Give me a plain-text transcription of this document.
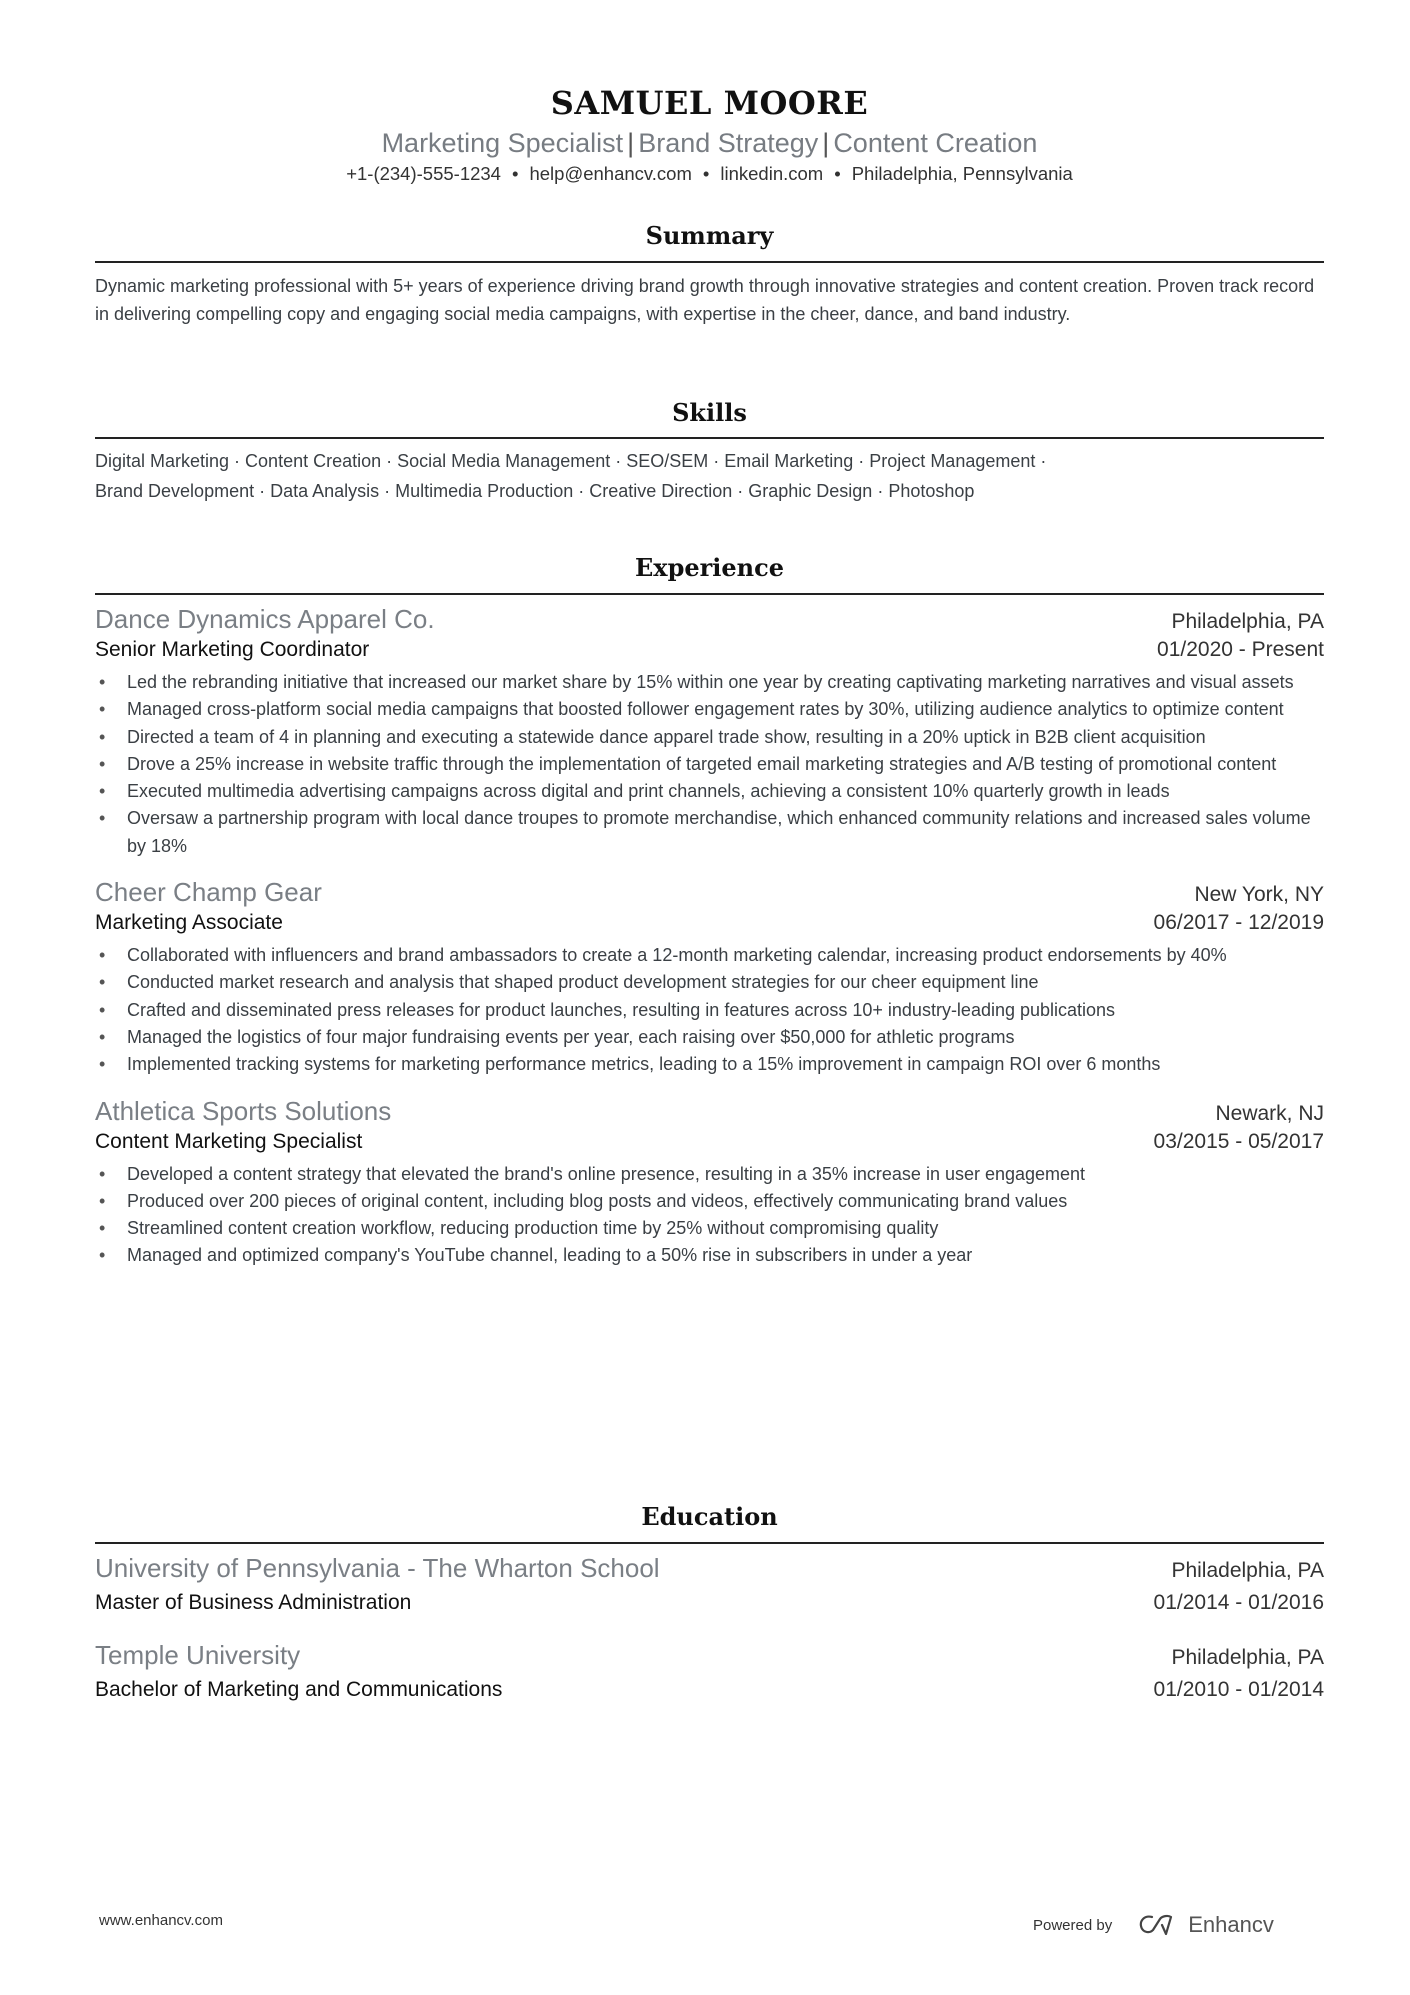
SAMUEL MOORE
Marketing Specialist | Brand Strategy | Content Creation
+1-(234)-555-1234 • help@enhancv.com • linkedin.com • Philadelphia, Pennsylvania
Summary

Dynamic marketing professional with 5+ years of experience driving brand growth through innovative strategies and content creation. Proven track record in delivering compelling copy and engaging social media campaigns, with expertise in the cheer, dance, and band industry.

Skills
Digital Marketing · Content Creation · Social Media Management · SEO/SEM · Email Marketing · Project Management ·
Brand Development · Data Analysis · Multimedia Production · Creative Direction · Graphic Design · Photoshop
Experience
Dance Dynamics Apparel Co.	Philadelphia, PA
Senior Marketing Coordinator	01/2020 - Present
• Led the rebranding initiative that increased our market share by 15% within one year by creating captivating marketing narratives and visual assets
• Managed cross-platform social media campaigns that boosted follower engagement rates by 30%, utilizing audience analytics to optimize content
• Directed a team of 4 in planning and executing a statewide dance apparel trade show, resulting in a 20% uptick in B2B client acquisition
• Drove a 25% increase in website traffic through the implementation of targeted email marketing strategies and A/B testing of promotional content
• Executed multimedia advertising campaigns across digital and print channels, achieving a consistent 10% quarterly growth in leads
• Oversaw a partnership program with local dance troupes to promote merchandise, which enhanced community relations and increased sales volume by 18%
Cheer Champ Gear	New York, NY
Marketing Associate	06/2017 - 12/2019
• Collaborated with influencers and brand ambassadors to create a 12-month marketing calendar, increasing product endorsements by 40%
• Conducted market research and analysis that shaped product development strategies for our cheer equipment line
• Crafted and disseminated press releases for product launches, resulting in features across 10+ industry-leading publications
• Managed the logistics of four major fundraising events per year, each raising over $50,000 for athletic programs
• Implemented tracking systems for marketing performance metrics, leading to a 15% improvement in campaign ROI over 6 months
Athletica Sports Solutions	Newark, NJ
Content Marketing Specialist	03/2015 - 05/2017
• Developed a content strategy that elevated the brand's online presence, resulting in a 35% increase in user engagement
• Produced over 200 pieces of original content, including blog posts and videos, effectively communicating brand values
• Streamlined content creation workflow, reducing production time by 25% without compromising quality
• Managed and optimized company's YouTube channel, leading to a 50% rise in subscribers in under a year
Education
University of Pennsylvania - The Wharton School	Philadelphia, PA
Master of Business Administration	01/2014 - 01/2016
Temple University	Philadelphia, PA
Bachelor of Marketing and Communications	01/2010 - 01/2014
www.enhancv.com	Powered by	Enhancv
